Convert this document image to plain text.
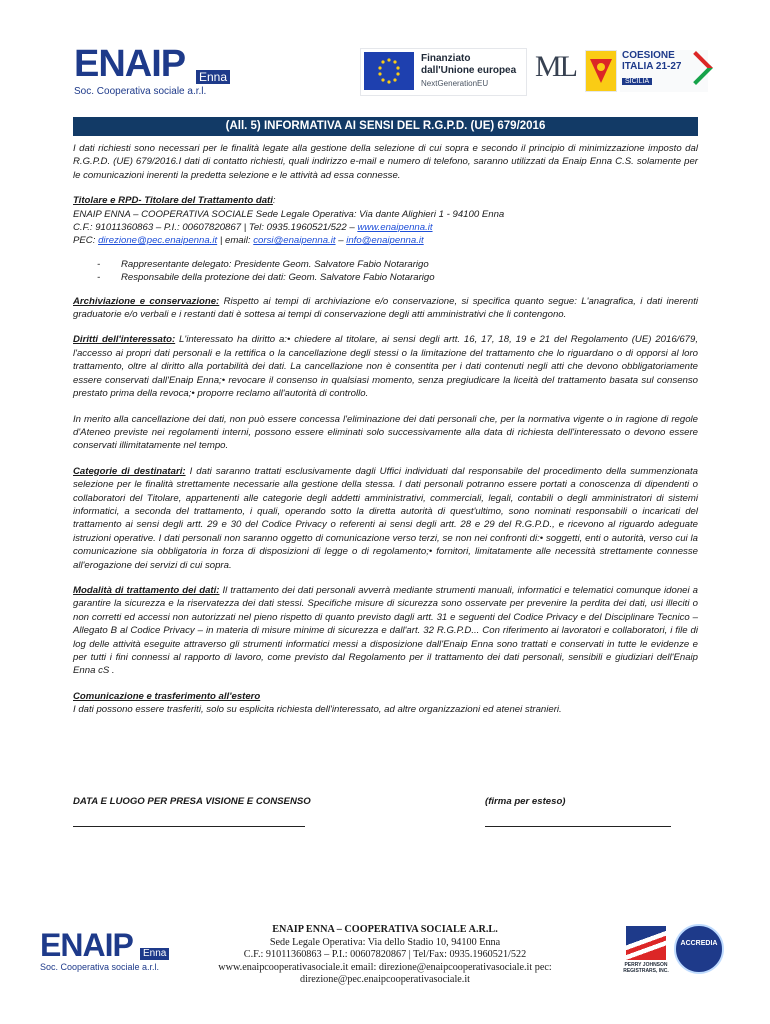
ENAIP Enna
Soc. Cooperativa sociale a.r.l.
Finanziato
dall'Unione europea
NextGenerationEU
ML	COESIONE
ITALIA 21-27
SICILIA
(All. 5) INFORMATIVA AI SENSI DEL R.G.P.D. (UE) 679/2016

I dati richiesti sono necessari per le finalità legate alla gestione della selezione di cui sopra e secondo il principio di minimizzazione imposto dal R.G.P.D. (UE) 679/2016.I dati di contatto richiesti, quali indirizzo e-mail e numero di telefono, saranno utilizzati da Enaip Enna C.S. solamente per le comunicazioni inerenti la predetta selezione e le attività ad essa connesse.

Titolare e RPD- Titolare del Trattamento dati:

ENAIP ENNA – COOPERATIVA SOCIALE Sede Legale Operativa: Via dante Alighieri 1 - 94100 Enna

C.F.: 91011360863 – P.I.: 00607820867 | Tel: 0935.1960521/522 – www.enaipenna.it

PEC: direzione@pec.enaipenna.it | email: corsi@enaipenna.it – info@enaipenna.it

-	Rappresentante delegato: Presidente Geom. Salvatore Fabio Notararigo
-	Responsabile della protezione dei dati: Geom. Salvatore Fabio Notararigo

Archiviazione e conservazione: Rispetto ai tempi di archiviazione e/o conservazione, si specifica quanto segue: L'anagrafica, i dati inerenti graduatorie e/o verbali e i restanti dati è sottesa ai tempi di conservazione degli atti amministrativi che li contengono.

Diritti dell'interessato: L'interessato ha diritto a:• chiedere al titolare, ai sensi degli artt. 16, 17, 18, 19 e 21 del Regolamento (UE) 2016/679, l'accesso ai propri dati personali e la rettifica o la cancellazione degli stessi o la limitazione del trattamento che lo riguardano o di opporsi al loro trattamento, oltre al diritto alla portabilità dei dati. La cancellazione non è consentita per i dati contenuti negli atti che devono obbligatoriamente essere conservati dall'Enaip Enna;• revocare il consenso in qualsiasi momento, senza pregiudicare la liceità del trattamento basata sul consenso prestato prima della revoca;• proporre reclamo all'autorità di controllo.

In merito alla cancellazione dei dati, non può essere concessa l'eliminazione dei dati personali che, per la normativa vigente o in ragione di regole d'Ateneo previste nei regolamenti interni, possono essere eliminati solo successivamente alla data di richiesta dell'interessato o devono essere conservati illimitatamente nel tempo.

Categorie di destinatari: I dati saranno trattati esclusivamente dagli Uffici individuati dal responsabile del procedimento della summenzionata selezione per le finalità strettamente necessarie alla gestione della stessa. I dati personali potranno essere portati a conoscenza di dipendenti o collaboratori del Titolare, appartenenti alle categorie degli addetti amministrativi, commerciali, legali, contabili o degli amministratori di sistemi informatici, a seconda del trattamento, i quali, operando sotto la diretta autorità di quest'ultimo, sono nominati responsabili o incaricati del trattamento ai sensi degli artt. 29 e 30 del Codice Privacy o referenti ai sensi degli artt. 28 e 29 del R.G.P.D., e ricevono al riguardo adeguate istruzioni operative. I dati personali non saranno oggetto di comunicazione verso terzi, se non nei confronti di:• soggetti, enti o autorità, verso cui la comunicazione sia obbligatoria in forza di disposizioni di legge o di regolamento;• fornitori, limitatamente alle necessità strettamente connesse all'erogazione dei servizi di cui sopra.

Modalità di trattamento dei dati: Il trattamento dei dati personali avverrà mediante strumenti manuali, informatici e telematici comunque idonei a garantire la sicurezza e la riservatezza dei dati stessi. Specifiche misure di sicurezza sono osservate per prevenire la perdita dei dati, usi illeciti o non corretti ed accessi non autorizzati nel pieno rispetto di quanto previsto dagli artt. 31 e seguenti del Codice Privacy e del Disciplinare Tecnico – Allegato B al Codice Privacy – in materia di misure minime di sicurezza e dall'art. 32 R.G.P.D... Con riferimento ai lavoratori e collaboratori, i file di log delle attività eseguite attraverso gli strumenti informatici messi a disposizione dall'Enaip Enna sono trattati e conservati in tutte le evidenze e per tutti i fini connessi al rapporto di lavoro, come previsto dal Regolamento per il trattamento dei dati personali, sensibili e giudiziari dell'Enaip Enna cS .

Comunicazione e trasferimento all'estero

I dati possono essere trasferiti, solo su esplicita richiesta dell'interessato, ad altre organizzazioni ed atenei stranieri.

DATA E LUOGO PER PRESA VISIONE E CONSENSO	(firma per esteso)
ENAIP	Enna
Soc. Cooperativa sociale a.r.l.
ENAIP ENNA – COOPERATIVA SOCIALE A.R.L.
Sede Legale Operativa: Via dello Stadio 10, 94100 Enna
C.F.: 91011360863 – P.I.: 00607820867 | Tel/Fax: 0935.1960521/522
www.enaipcooperativasociale.it email: direzione@enaipcooperativasociale.it pec:
direzione@pec.enaipcooperativasociale.it
PERRY JOHNSON REGISTRARS, INC.
ACCREDIA
